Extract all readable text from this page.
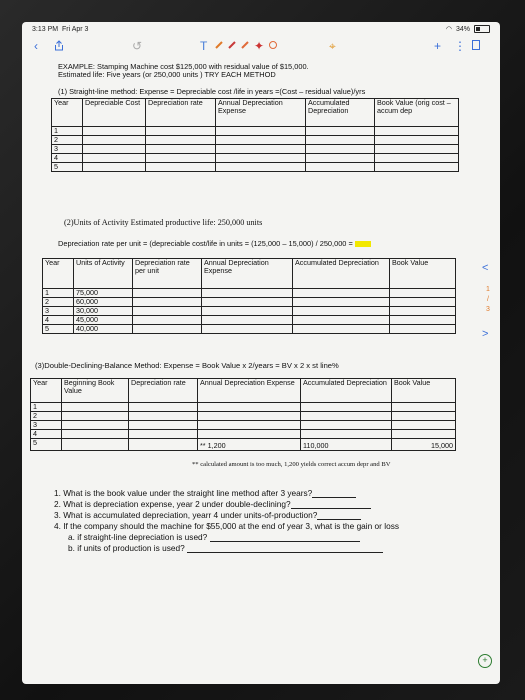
3:13 PM Fri Apr 3	◠ 34%
‹	↺	T	✦	⌖	+ ⋮
EXAMPLE: Stamping Machine cost $125,000 with residual value of $15,000.
Estimated life: Five years (or 250,000 units ) TRY EACH METHOD
(1) Straight-line method: Expense = Depreciable cost /life in years =(Cost – residual value)/yrs
Year	Depreciable Cost	Depreciation rate	Annual Depreciation Expense	Accumulated Depreciation	Book Value (orig cost – accum dep
1					
2					
3					
4					
5					
(2)Units of Activity Estimated productive life: 250,000 units
Depreciation rate per unit = (depreciable cost/life in units = (125,000 – 15,000) / 250,000 =
Year	Units of Activity	Depreciation rate per unit	Annual Depreciation Expense	Accumulated Depreciation	Book Value
1	75,000				
2	60,000				
3	30,000				
4	45,000				
5	40,000				
(3)Double-Declining-Balance Method: Expense = Book Value x 2/years = BV x 2 x st line%
Year	Beginning Book Value	Depreciation rate	Annual Depreciation Expense	Accumulated Depreciation	Book Value
1					
2					
3					
4					
5			** 1,200	110,000	15,000
** calculated amount is too much, 1,200 yields correct accum depr and BV
1. What is the book value under the straight line method after 3 years?
2. What is depreciation expense, year 2 under double-declining?
3. What is accumulated depreciation, yearr 4 under units-of-production?
4. If the company should the machine for $55,000 at the end of year 3, what is the gain or loss
a. if straight-line depreciation is used?
b. if units of production is used?
<
1
/
3
>
+
